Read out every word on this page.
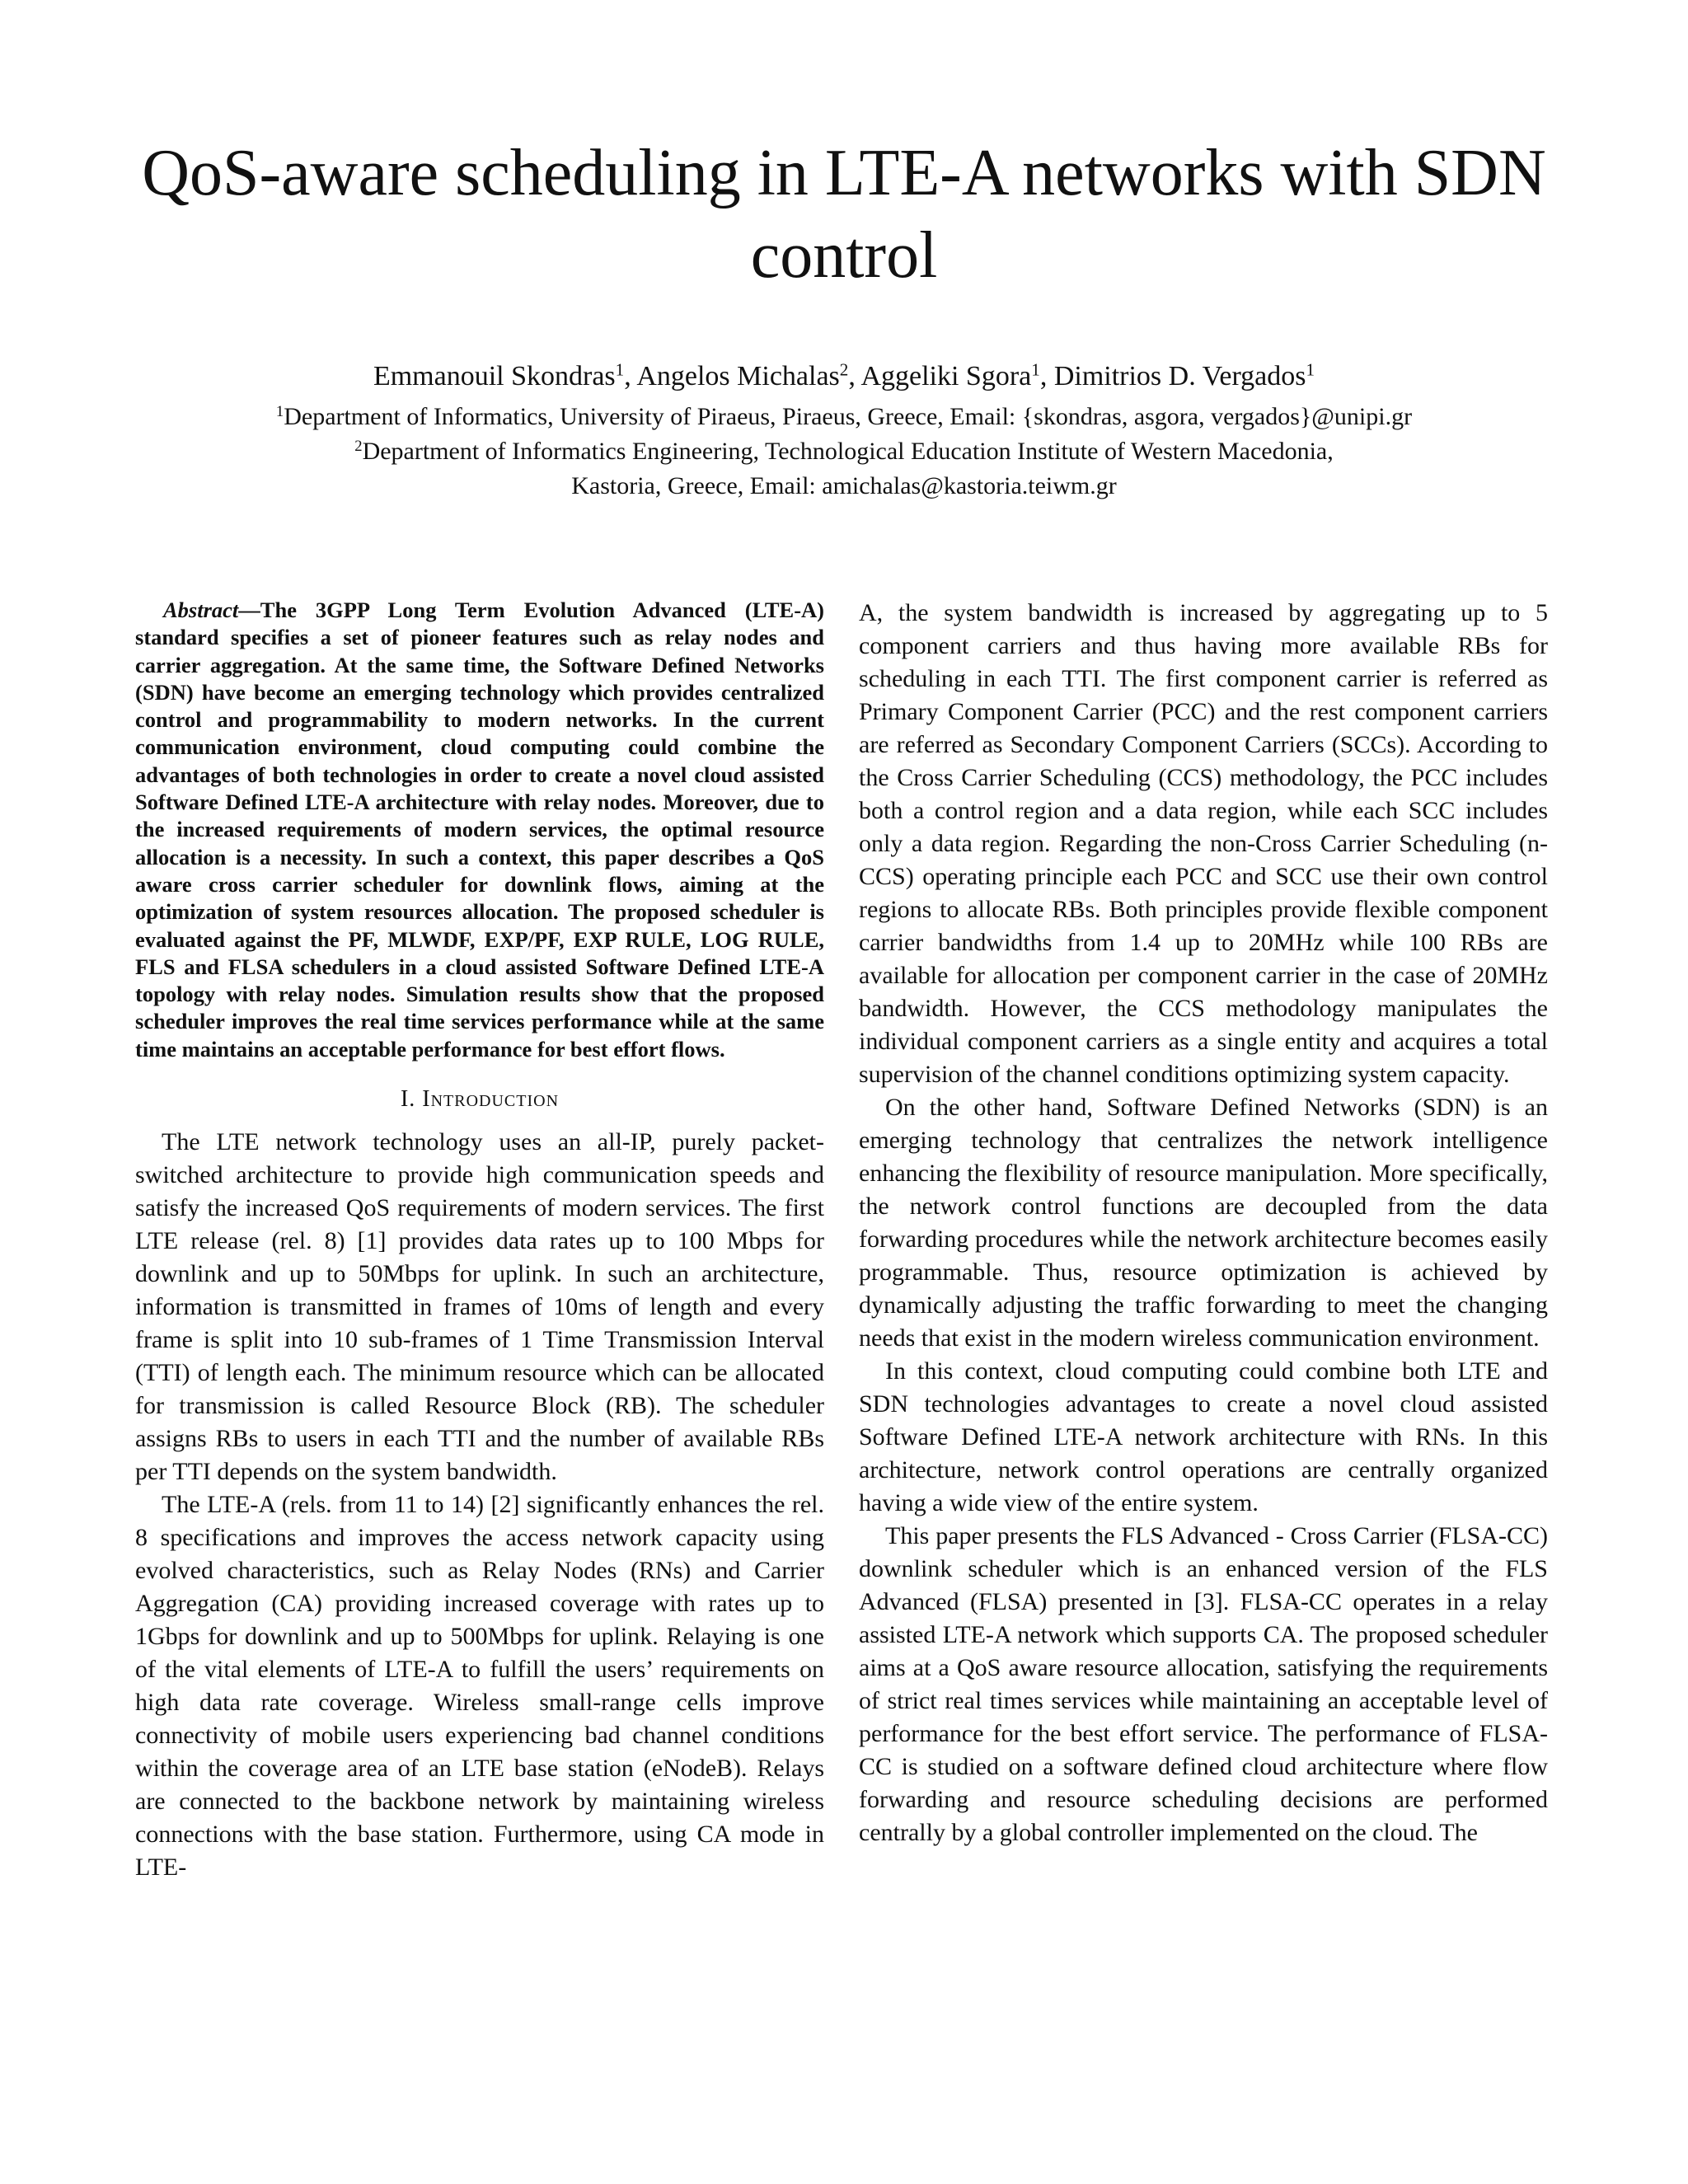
QoS-aware scheduling in LTE-A networks with SDN control
Emmanouil Skondras$^1$, Angelos Michalas$^2$, Aggeliki Sgora$^1$, Dimitrios D. Vergados$^1$
$^1$Department of Informatics, University of Piraeus, Piraeus, Greece, Email: {skondras, asgora, vergados}@unipi.gr
$^2$Department of Informatics Engineering, Technological Education Institute of Western Macedonia,
Kastoria, Greece, Email: amichalas@kastoria.teiwm.gr

Abstract—The 3GPP Long Term Evolution Advanced (LTE-A) standard specifies a set of pioneer features such as relay nodes and carrier aggregation. At the same time, the Software Defined Networks (SDN) have become an emerging technology which provides centralized control and programmability to modern networks. In the current communication environment, cloud computing could combine the advantages of both technologies in order to create a novel cloud assisted Software Defined LTE-A architecture with relay nodes. Moreover, due to the increased requirements of modern services, the optimal resource allocation is a necessity. In such a context, this paper describes a QoS aware cross carrier scheduler for downlink flows, aiming at the optimization of system resources allocation. The proposed scheduler is evaluated against the PF, MLWDF, EXP/PF, EXP RULE, LOG RULE, FLS and FLSA schedulers in a cloud assisted Software Defined LTE-A topology with relay nodes. Simulation results show that the proposed scheduler improves the real time services performance while at the same time maintains an acceptable performance for best effort flows.

I. Introduction

The LTE network technology uses an all-IP, purely packet-switched architecture to provide high communication speeds and satisfy the increased QoS requirements of modern services. The first LTE release (rel. 8) [1] provides data rates up to 100 Mbps for downlink and up to 50Mbps for uplink. In such an architecture, information is transmitted in frames of 10ms of length and every frame is split into 10 sub-frames of 1 Time Transmission Interval (TTI) of length each. The minimum resource which can be allocated for transmission is called Resource Block (RB). The scheduler assigns RBs to users in each TTI and the number of available RBs per TTI depends on the system bandwidth.

The LTE-A (rels. from 11 to 14) [2] significantly enhances the rel. 8 specifications and improves the access network capacity using evolved characteristics, such as Relay Nodes (RNs) and Carrier Aggregation (CA) providing increased coverage with rates up to 1Gbps for downlink and up to 500Mbps for uplink. Relaying is one of the vital elements of LTE-A to fulfill the users’ requirements on high data rate coverage. Wireless small-range cells improve connectivity of mobile users experiencing bad channel conditions within the coverage area of an LTE base station (eNodeB). Relays are connected to the backbone network by maintaining wireless connections with the base station. Furthermore, using CA mode in LTE-

A, the system bandwidth is increased by aggregating up to 5 component carriers and thus having more available RBs for scheduling in each TTI. The first component carrier is referred as Primary Component Carrier (PCC) and the rest component carriers are referred as Secondary Component Carriers (SCCs). According to the Cross Carrier Scheduling (CCS) methodology, the PCC includes both a control region and a data region, while each SCC includes only a data region. Regarding the non-Cross Carrier Scheduling (n-CCS) operating principle each PCC and SCC use their own control regions to allocate RBs. Both principles provide flexible component carrier bandwidths from 1.4 up to 20MHz while 100 RBs are available for allocation per component carrier in the case of 20MHz bandwidth. However, the CCS methodology manipulates the individual component carriers as a single entity and acquires a total supervision of the channel conditions optimizing system capacity.

On the other hand, Software Defined Networks (SDN) is an emerging technology that centralizes the network intelligence enhancing the flexibility of resource manipulation. More specifically, the network control functions are decoupled from the data forwarding procedures while the network architecture becomes easily programmable. Thus, resource optimization is achieved by dynamically adjusting the traffic forwarding to meet the changing needs that exist in the modern wireless communication environment.

In this context, cloud computing could combine both LTE and SDN technologies advantages to create a novel cloud assisted Software Defined LTE-A network architecture with RNs. In this architecture, network control operations are centrally organized having a wide view of the entire system.

This paper presents the FLS Advanced - Cross Carrier (FLSA-CC) downlink scheduler which is an enhanced version of the FLS Advanced (FLSA) presented in [3]. FLSA-CC operates in a relay assisted LTE-A network which supports CA. The proposed scheduler aims at a QoS aware resource allocation, satisfying the requirements of strict real times services while maintaining an acceptable level of performance for the best effort service. The performance of FLSA-CC is studied on a software defined cloud architecture where flow forwarding and resource scheduling decisions are performed centrally by a global controller implemented on the cloud. The
